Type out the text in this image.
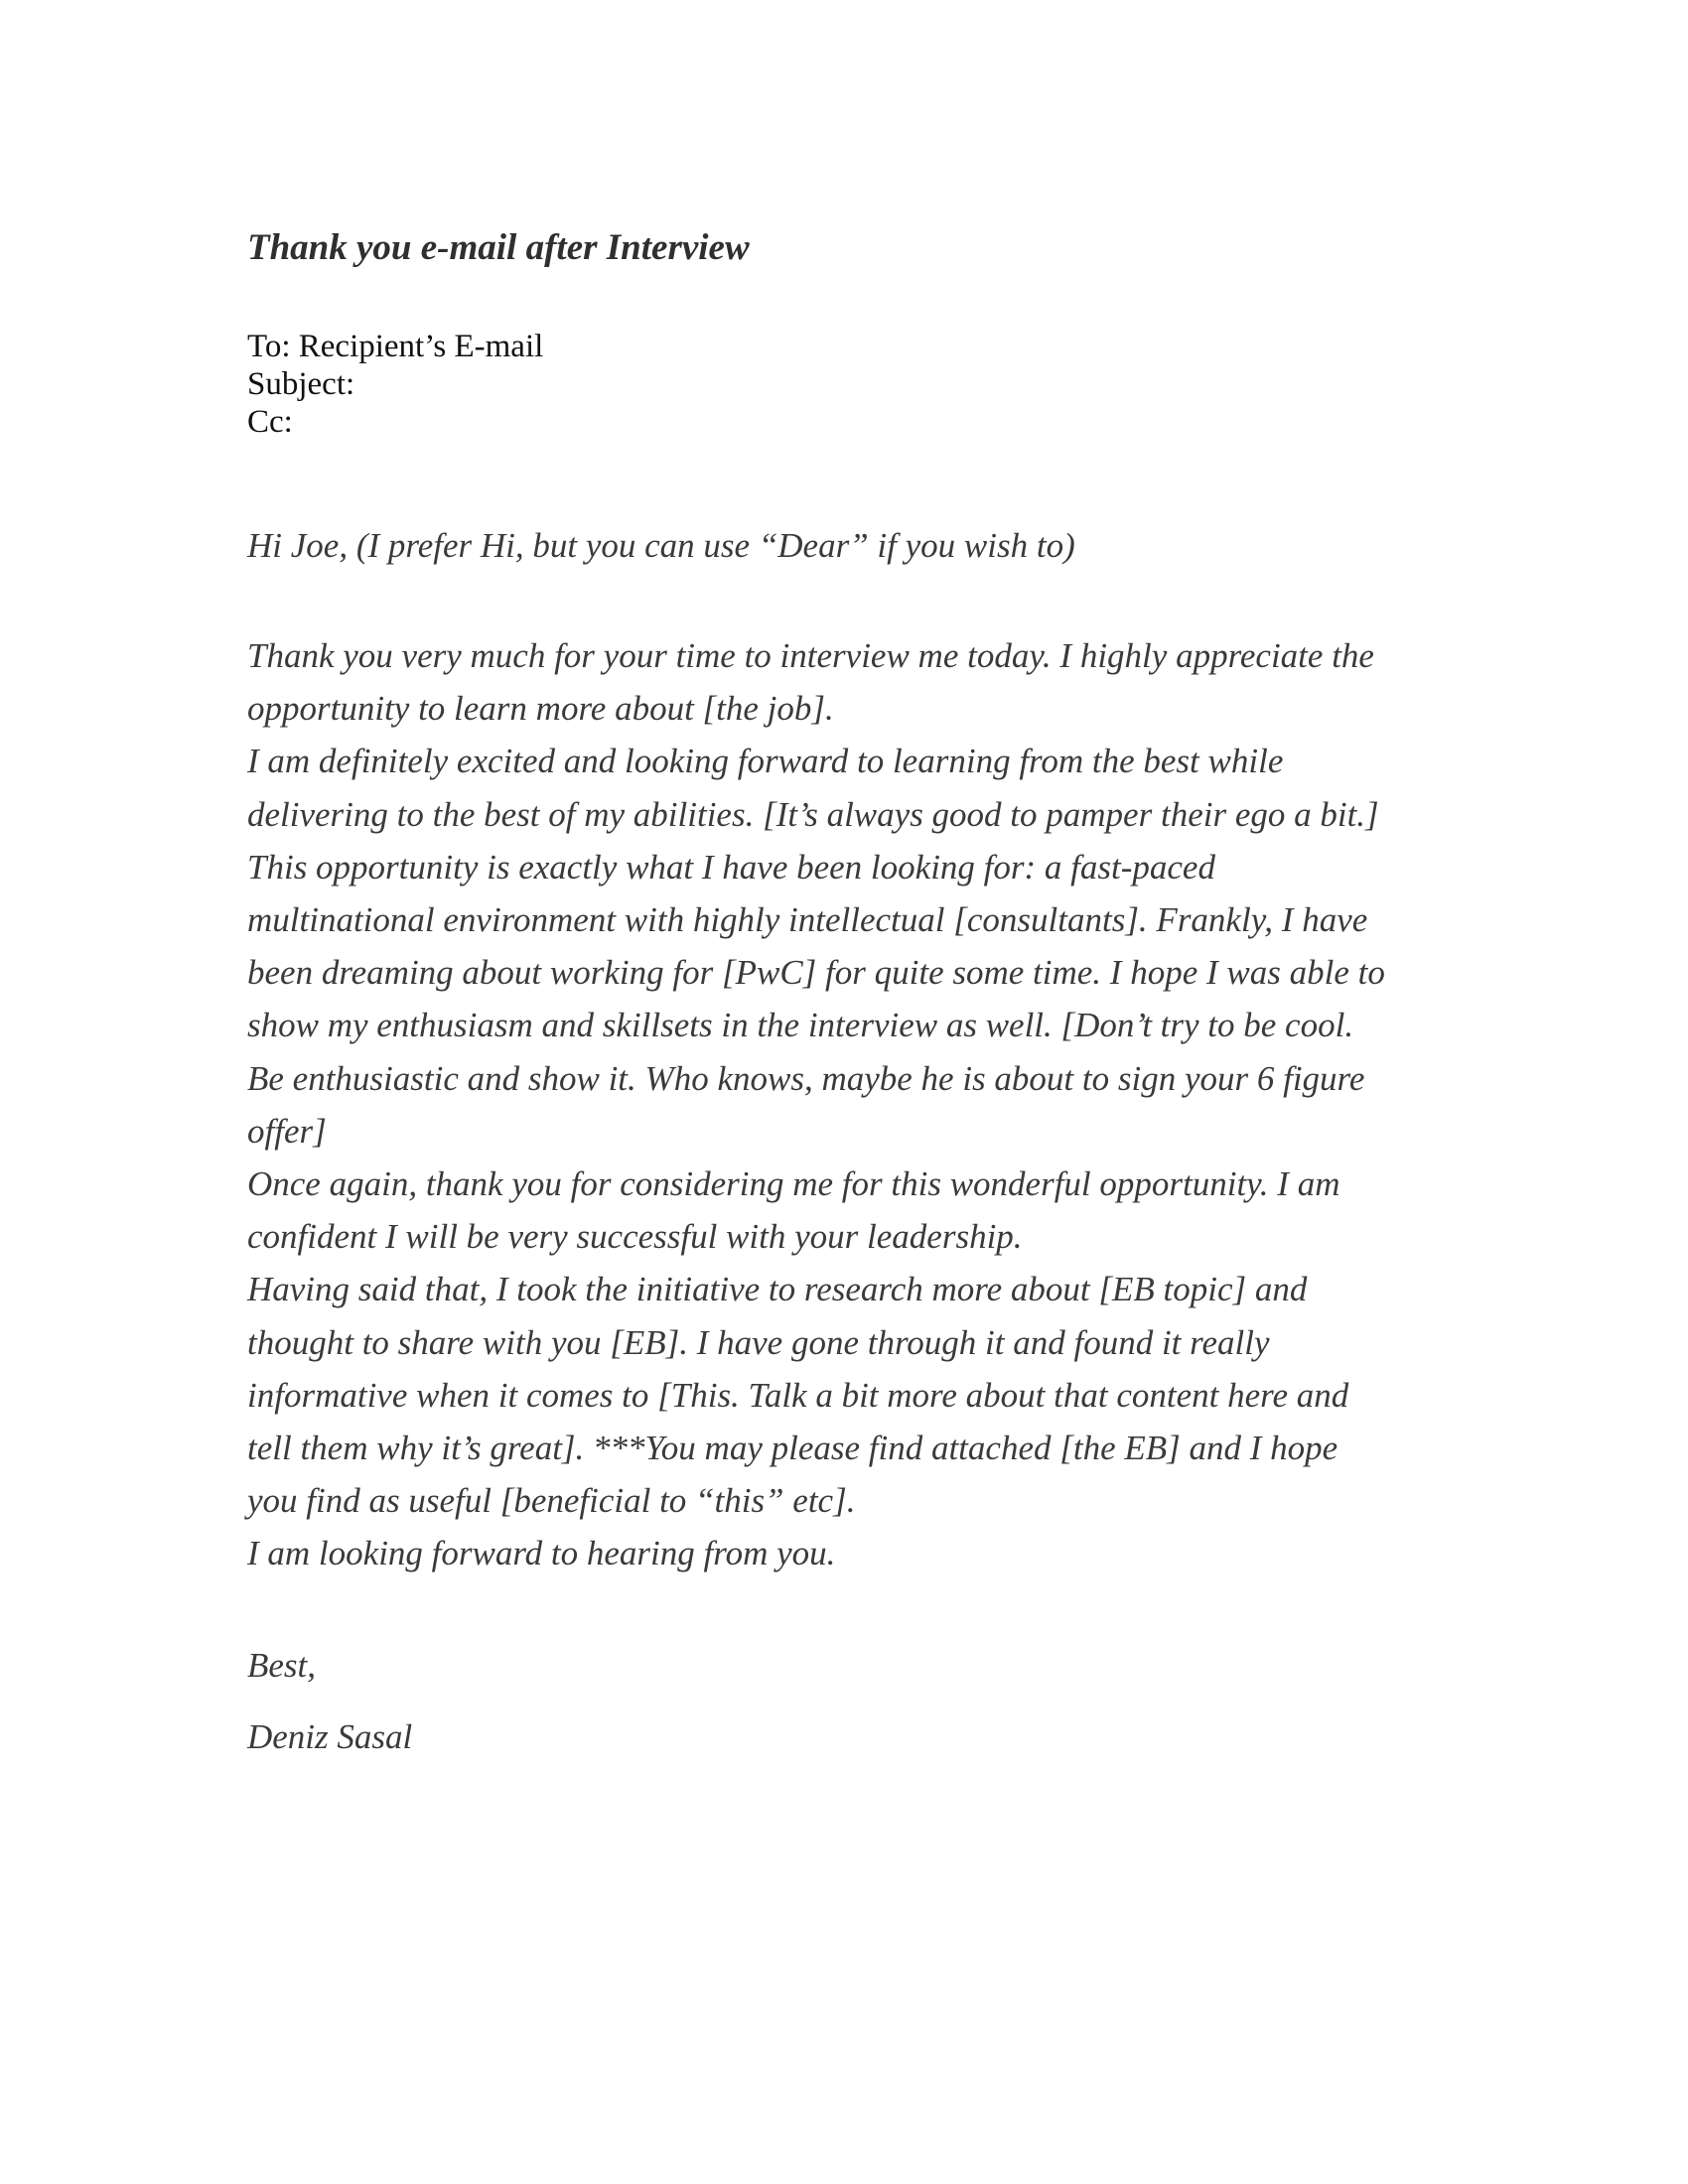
Thank you e-mail after Interview
To: Recipient’s E-mail
Subject:
Cc:
Hi Joe, (I prefer Hi, but you can use “Dear” if you wish to)
Thank you very much for your time to interview me today. I highly appreciate the
opportunity to learn more about [the job].
I am definitely excited and looking forward to learning from the best while
delivering to the best of my abilities. [It’s always good to pamper their ego a bit.]
This opportunity is exactly what I have been looking for: a fast-paced
multinational environment with highly intellectual [consultants]. Frankly, I have
been dreaming about working for [PwC] for quite some time. I hope I was able to
show my enthusiasm and skillsets in the interview as well. [Don’t try to be cool.
Be enthusiastic and show it. Who knows, maybe he is about to sign your 6 figure
offer]
Once again, thank you for considering me for this wonderful opportunity. I am
confident I will be very successful with your leadership.
Having said that, I took the initiative to research more about [EB topic] and
thought to share with you [EB]. I have gone through it and found it really
informative when it comes to [This. Talk a bit more about that content here and
tell them why it’s great]. ***You may please find attached [the EB] and I hope
you find as useful [beneficial to “this” etc].
I am looking forward to hearing from you.
Best,
Deniz Sasal
